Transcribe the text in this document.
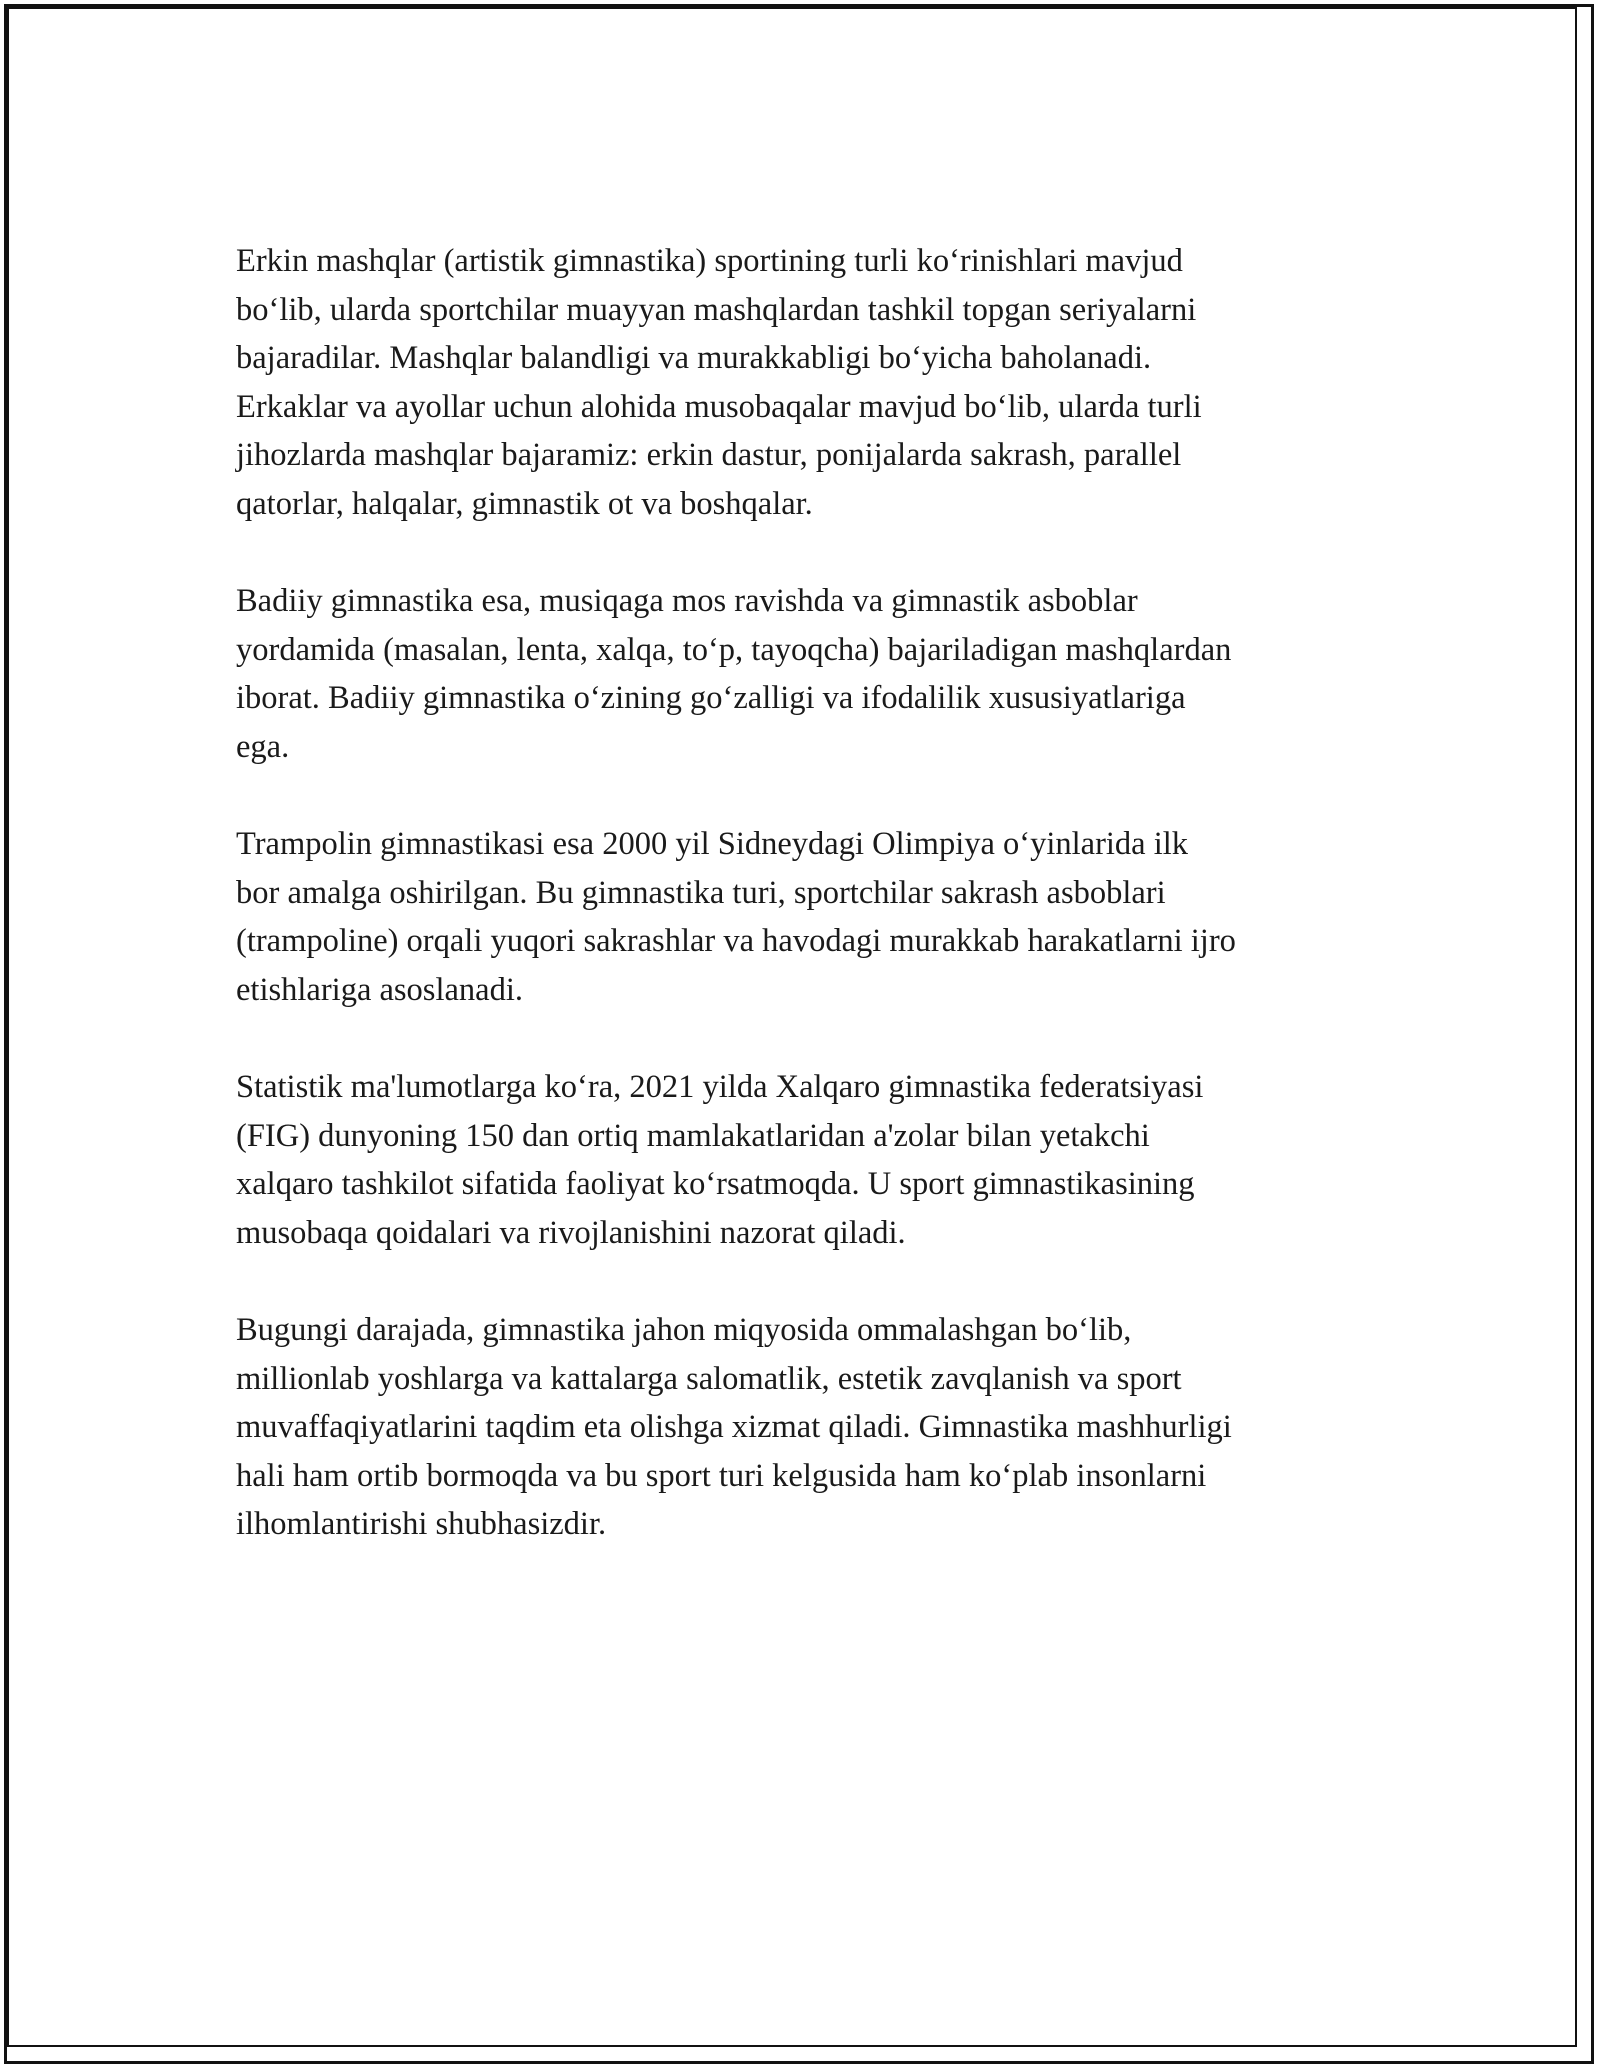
Erkin mashqlar (artistik gimnastika) sportining turli ko‘rinishlari mavjud
bo‘lib, ularda sportchilar muayyan mashqlardan tashkil topgan seriyalarni
bajaradilar. Mashqlar balandligi va murakkabligi bo‘yicha baholanadi.
Erkaklar va ayollar uchun alohida musobaqalar mavjud bo‘lib, ularda turli
jihozlarda mashqlar bajaramiz: erkin dastur, ponijalarda sakrash, parallel
qatorlar, halqalar, gimnastik ot va boshqalar.

Badiiy gimnastika esa, musiqaga mos ravishda va gimnastik asboblar
yordamida (masalan, lenta, xalqa, to‘p, tayoqcha) bajariladigan mashqlardan
iborat. Badiiy gimnastika o‘zining go‘zalligi va ifodalilik xususiyatlariga
ega.

Trampolin gimnastikasi esa 2000 yil Sidneydagi Olimpiya o‘yinlarida ilk
bor amalga oshirilgan. Bu gimnastika turi, sportchilar sakrash asboblari
(trampoline) orqali yuqori sakrashlar va havodagi murakkab harakatlarni ijro
etishlariga asoslanadi.

Statistik ma'lumotlarga ko‘ra, 2021 yilda Xalqaro gimnastika federatsiyasi
(FIG) dunyoning 150 dan ortiq mamlakatlaridan a'zolar bilan yetakchi
xalqaro tashkilot sifatida faoliyat ko‘rsatmoqda. U sport gimnastikasining
musobaqa qoidalari va rivojlanishini nazorat qiladi.

Bugungi darajada, gimnastika jahon miqyosida ommalashgan bo‘lib,
millionlab yoshlarga va kattalarga salomatlik, estetik zavqlanish va sport
muvaffaqiyatlarini taqdim eta olishga xizmat qiladi. Gimnastika mashhurligi
hali ham ortib bormoqda va bu sport turi kelgusida ham ko‘plab insonlarni
ilhomlantirishi shubhasizdir.
